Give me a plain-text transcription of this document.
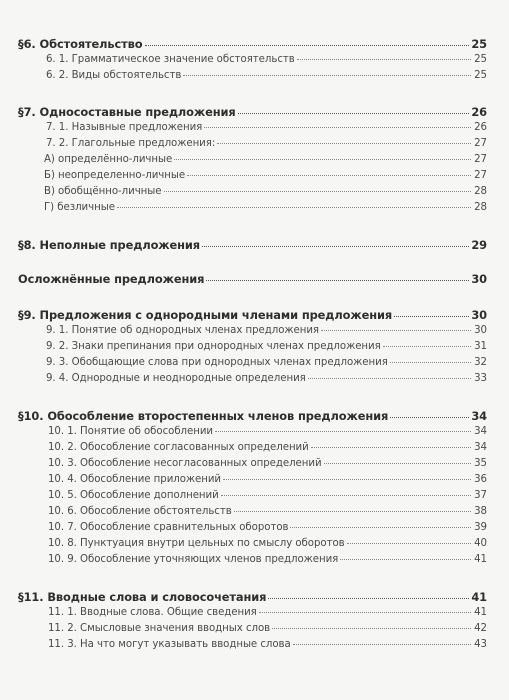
§6. Обстоятельство	25
6. 1. Грамматическое значение обстоятельств	25
6. 2. Виды обстоятельств	25
§7. Односоставные предложения	26
7. 1. Назывные предложения	26
7. 2. Глагольные предложения:	27
А) определённо-личные	27
Б) неопределенно-личные	27
В) обобщённо-личные	28
Г) безличные	28
§8. Неполные предложения	29
Осложнённые предложения	30
§9. Предложения с однородными членами предложения	30
9. 1. Понятие об однородных членах предложения	30
9. 2. Знаки препинания при однородных членах предложения	31
9. 3. Обобщающие слова при однородных членах предложения	32
9. 4. Однородные и неоднородные определения	33
§10. Обособление второстепенных членов предложения	34
10. 1. Понятие об обособлении	34
10. 2. Обособление согласованных определений	34
10. 3. Обособление несогласованных определений	35
10. 4. Обособление приложений	36
10. 5. Обособление дополнений	37
10. 6. Обособление обстоятельств	38
10. 7. Обособление сравнительных оборотов	39
10. 8. Пунктуация внутри цельных по смыслу оборотов	40
10. 9. Обособление уточняющих членов предложения	41
§11. Вводные слова и словосочетания	41
11. 1. Вводные слова. Общие сведения	41
11. 2. Смысловые значения вводных слов	42
11. 3. На что могут указывать вводные слова	43
